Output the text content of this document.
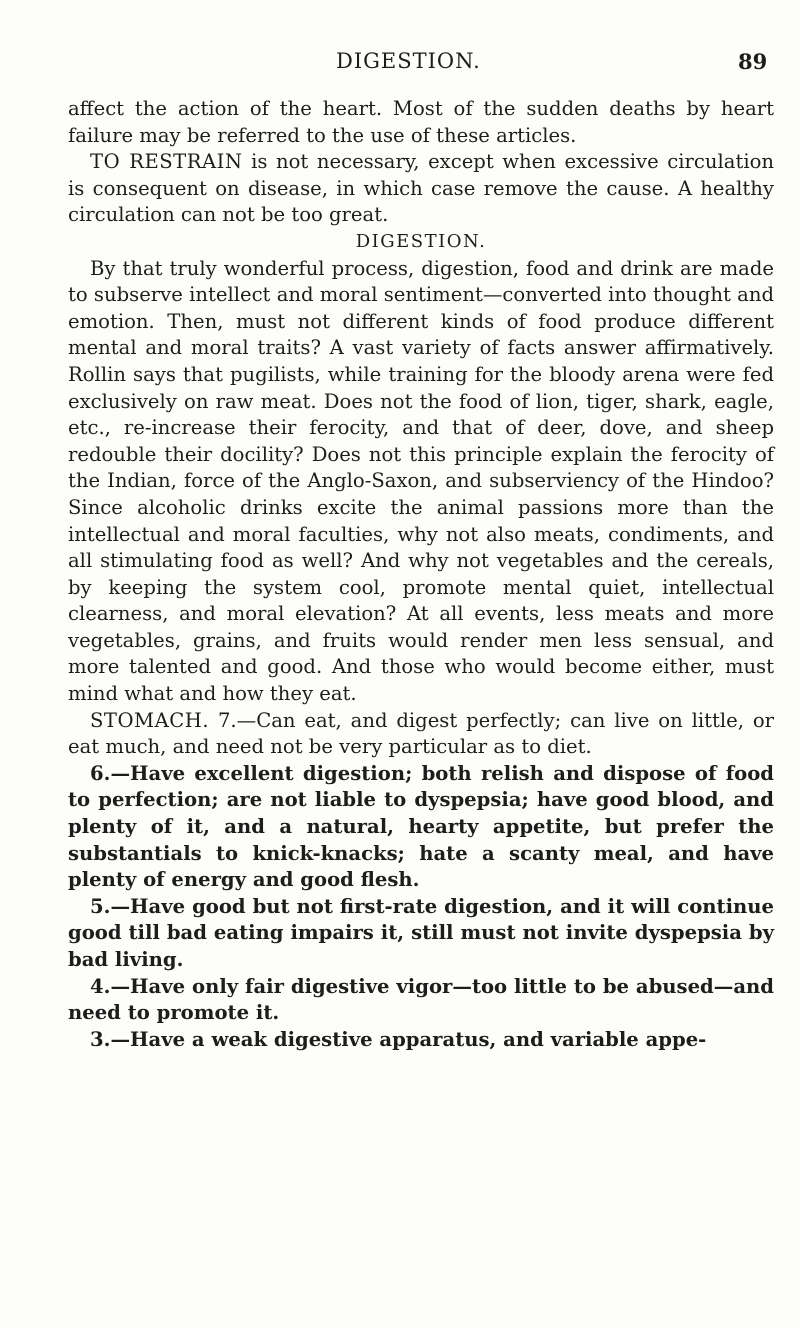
DIGESTION.	89

affect the action of the heart. Most of the sudden deaths by heart failure may be referred to the use of these articles.

TO RESTRAIN is not necessary, except when excessive circulation is consequent on disease, in which case remove the cause. A healthy circulation can not be too great.

DIGESTION.

By that truly wonderful process, digestion, food and drink are made to subserve intellect and moral sentiment—converted into thought and emotion. Then, must not different kinds of food produce different mental and moral traits? A vast variety of facts answer affirmatively. Rollin says that pugilists, while training for the bloody arena were fed exclusively on raw meat. Does not the food of lion, tiger, shark, eagle, etc., re-increase their ferocity, and that of deer, dove, and sheep redouble their docility? Does not this principle explain the ferocity of the Indian, force of the Anglo-Saxon, and subserviency of the Hindoo? Since alcoholic drinks excite the animal passions more than the intellectual and moral faculties, why not also meats, condiments, and all stimulating food as well? And why not vegetables and the cereals, by keeping the system cool, promote mental quiet, intellectual clearness, and moral elevation? At all events, less meats and more vegetables, grains, and fruits would render men less sensual, and more talented and good. And those who would become either, must mind what and how they eat.

STOMACH. 7.—Can eat, and digest perfectly; can live on little, or eat much, and need not be very particular as to diet.

6.—Have excellent digestion; both relish and dispose of food to perfection; are not liable to dyspepsia; have good blood, and plenty of it, and a natural, hearty appetite, but prefer the substantials to knick-knacks; hate a scanty meal, and have plenty of energy and good flesh.

5.—Have good but not first-rate digestion, and it will continue good till bad eating impairs it, still must not invite dyspepsia by bad living.

4.—Have only fair digestive vigor—too little to be abused—and need to promote it.

3.—Have a weak digestive apparatus, and variable appe-
